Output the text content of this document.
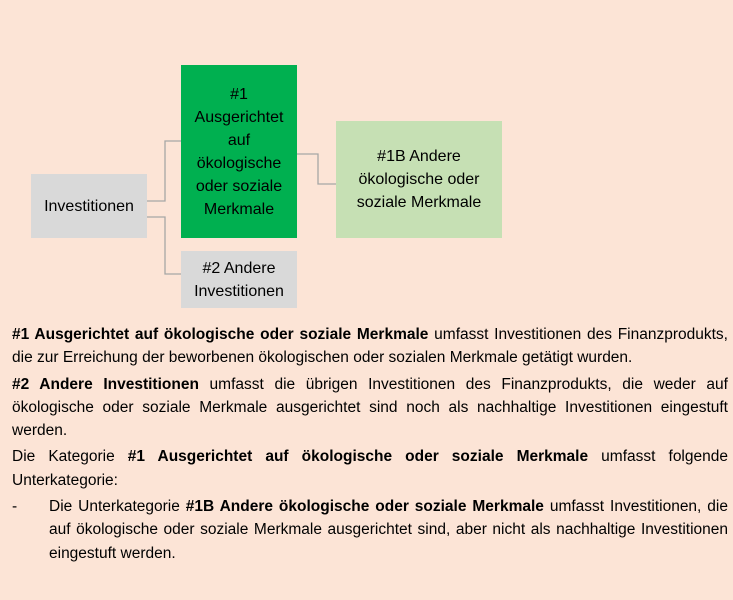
Investitionen
#1
Ausgerichtet
auf
ökologische
oder soziale
Merkmale
#1B Andere
ökologische oder
soziale Merkmale
#2 Andere
Investitionen

#1 Ausgerichtet auf ökologische oder soziale Merkmale umfasst Investitionen des Finanzprodukts, die zur Erreichung der beworbenen ökologischen oder sozialen Merkmale getätigt wurden.

#2 Andere Investitionen umfasst die übrigen Investitionen des Finanzprodukts, die weder auf ökologische oder soziale Merkmale ausgerichtet sind noch als nachhaltige Investitionen eingestuft werden.

Die Kategorie #1 Ausgerichtet auf ökologische oder soziale Merkmale umfasst folgende Unterkategorie:

-	Die Unterkategorie #1B Andere ökologische oder soziale Merkmale umfasst Investitionen, die auf ökologische oder soziale Merkmale ausgerichtet sind, aber nicht als nachhaltige Investitionen eingestuft werden.
